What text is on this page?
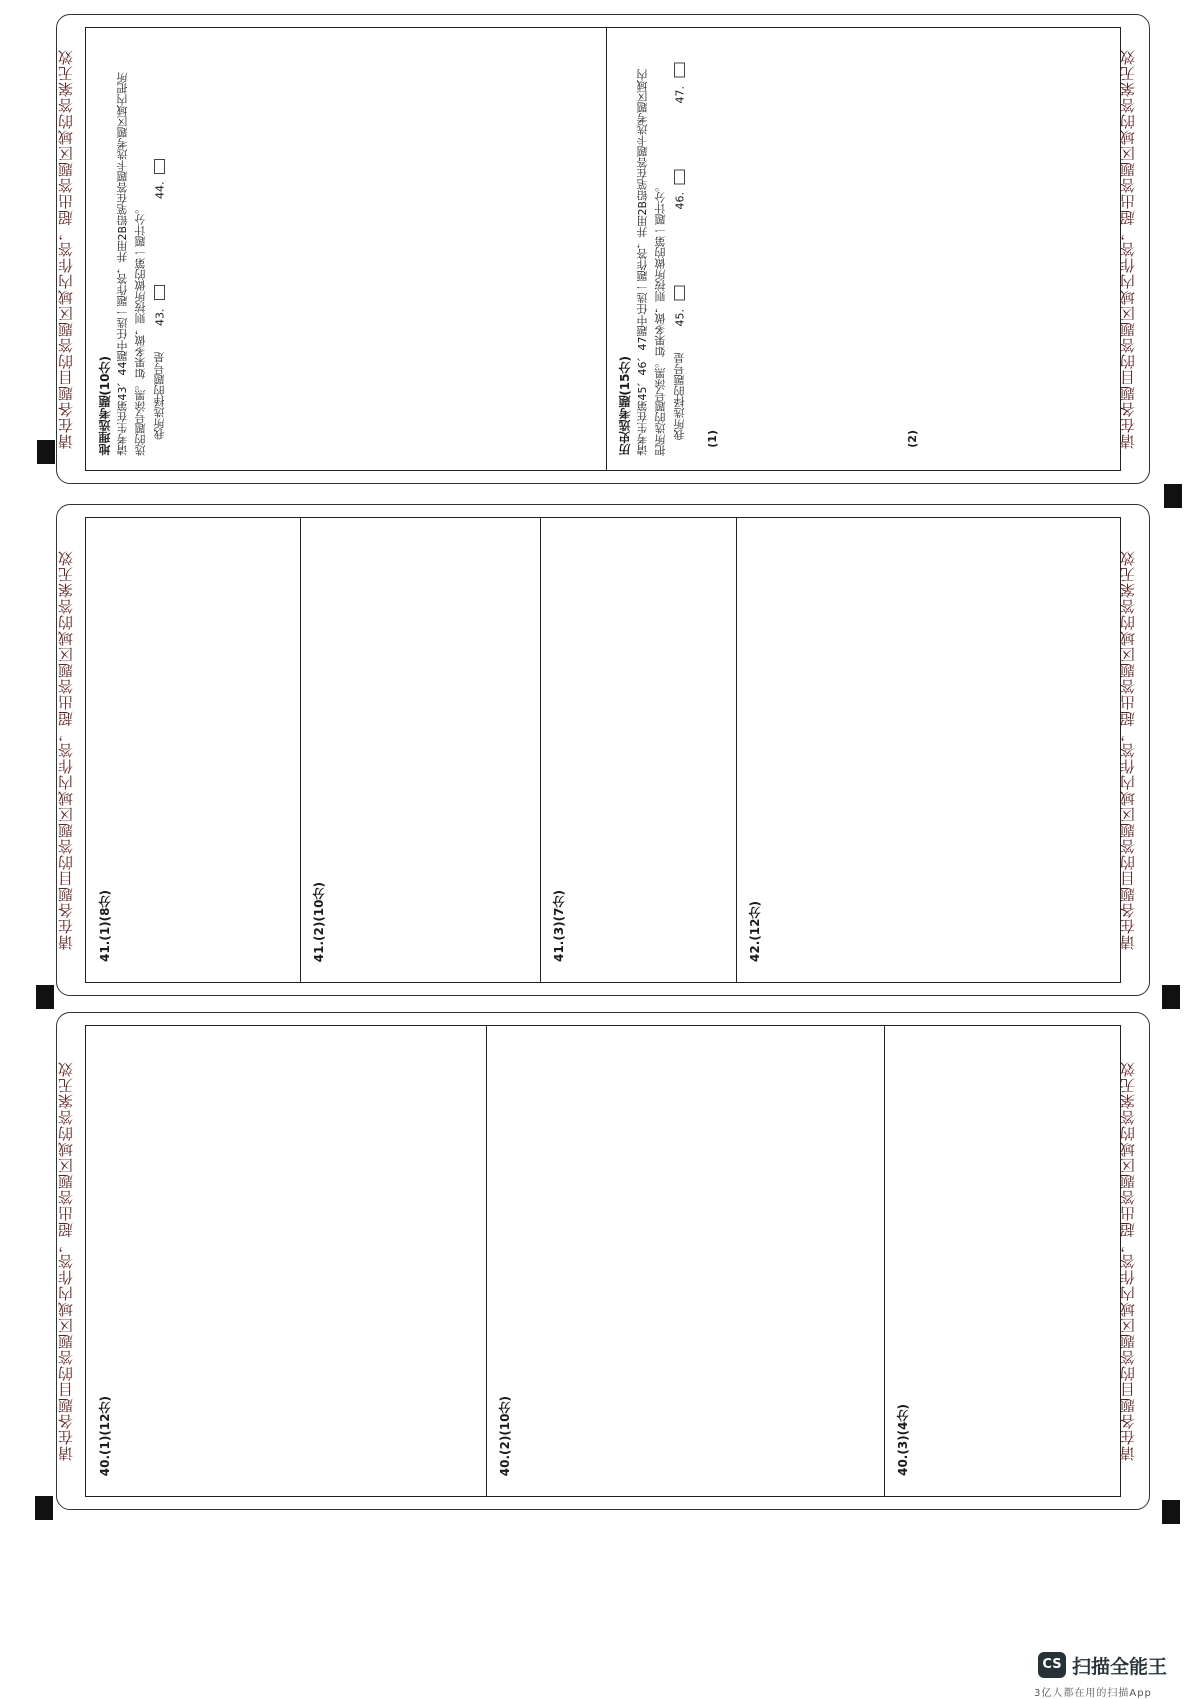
请在各题目的答题区域内作答，超出答题区域的答案无效	请在各题目的答题区域内作答，超出答题区域的答案无效
地理选考题(10分) 请考生在第43、44题中任选一题作答，并用2B铅笔在答题卡选考题区域内把所 选的题号涂黑。如果多做，则按所做的第一题计分。 我所选择的题号是
43.
44.
历史选考题(15分) 请考生在第45、46、47题中任选一题作答，并用2B铅笔在答题卡选考题区域内 把所选的题号涂黑。如果多做，则按所做的第一题计分。 我所选择的题号是
45.
46.
47.
(1)	(2)
请在各题目的答题区域内作答，超出答题区域的答案无效	请在各题目的答题区域内作答，超出答题区域的答案无效
41.(1)(8分)	41.(2)(10分)	41.(3)(7分)	42.(12分)
请在各题目的答题区域内作答，超出答题区域的答案无效	请在各题目的答题区域内作答，超出答题区域的答案无效
40.(1)(12分)	40.(2)(10分)	40.(3)(4分)
CS 扫描全能王
3亿人都在用的扫描App
